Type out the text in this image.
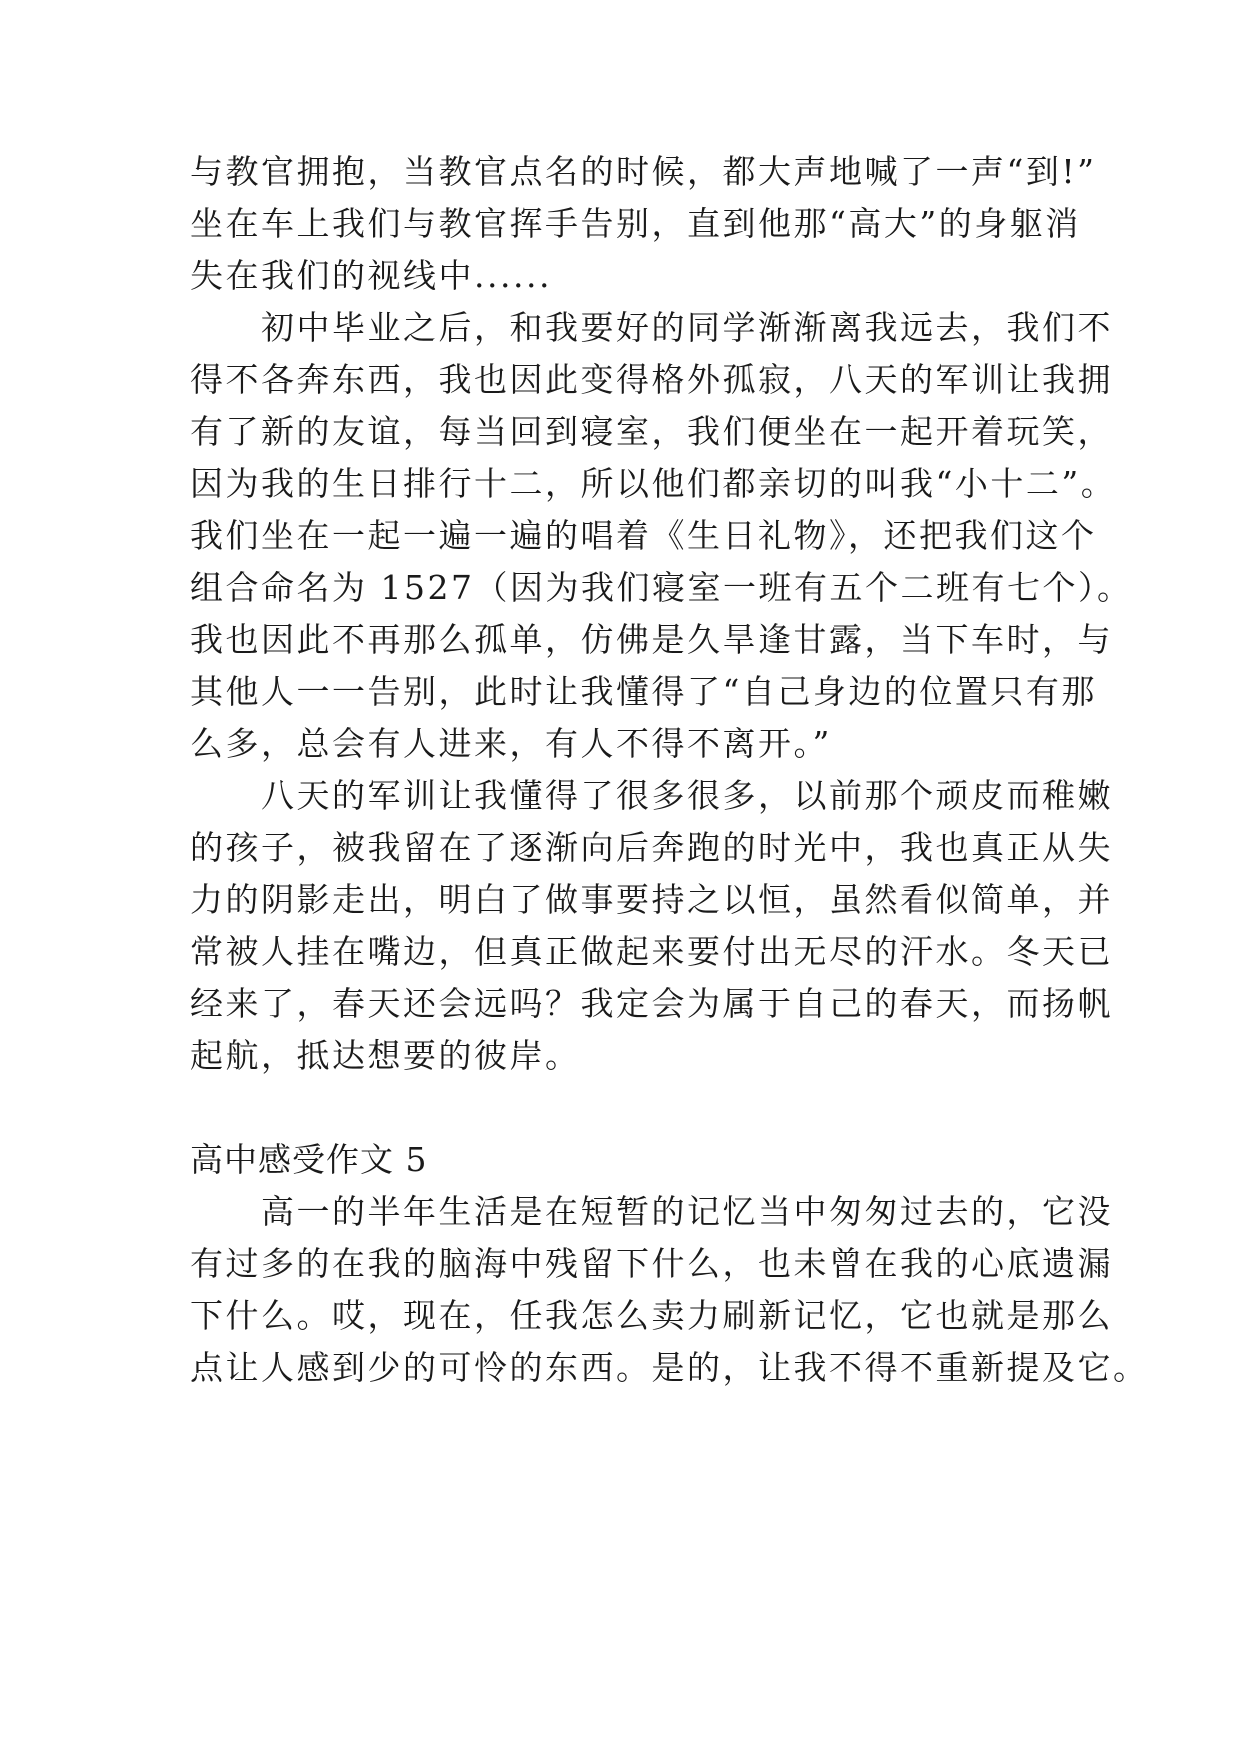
与教官拥抱，当教官点名的时候，都大声地喊了一声“到!”
坐在车上我们与教官挥手告别，直到他那“高大”的身躯消
失在我们的视线中......
　　初中毕业之后，和我要好的同学渐渐离我远去，我们不
得不各奔东西，我也因此变得格外孤寂，八天的军训让我拥
有了新的友谊，每当回到寝室，我们便坐在一起开着玩笑，
因为我的生日排行十二，所以他们都亲切的叫我“小十二”。
我们坐在一起一遍一遍的唱着《生日礼物》，还把我们这个
组合命名为 1527（因为我们寝室一班有五个二班有七个）。
我也因此不再那么孤单，仿佛是久旱逢甘露，当下车时，与
其他人一一告别，此时让我懂得了“自己身边的位置只有那
么多，总会有人进来，有人不得不离开。”
　　八天的军训让我懂得了很多很多，以前那个顽皮而稚嫩
的孩子，被我留在了逐渐向后奔跑的时光中，我也真正从失
力的阴影走出，明白了做事要持之以恒，虽然看似简单，并
常被人挂在嘴边，但真正做起来要付出无尽的汗水。冬天已
经来了，春天还会远吗？我定会为属于自己的春天，而扬帆
起航，抵达想要的彼岸。
高中感受作文 5
　　高一的半年生活是在短暂的记忆当中匆匆过去的，它没
有过多的在我的脑海中残留下什么，也未曾在我的心底遗漏
下什么。哎，现在，任我怎么卖力刷新记忆，它也就是那么
点让人感到少的可怜的东西。是的，让我不得不重新提及它。
